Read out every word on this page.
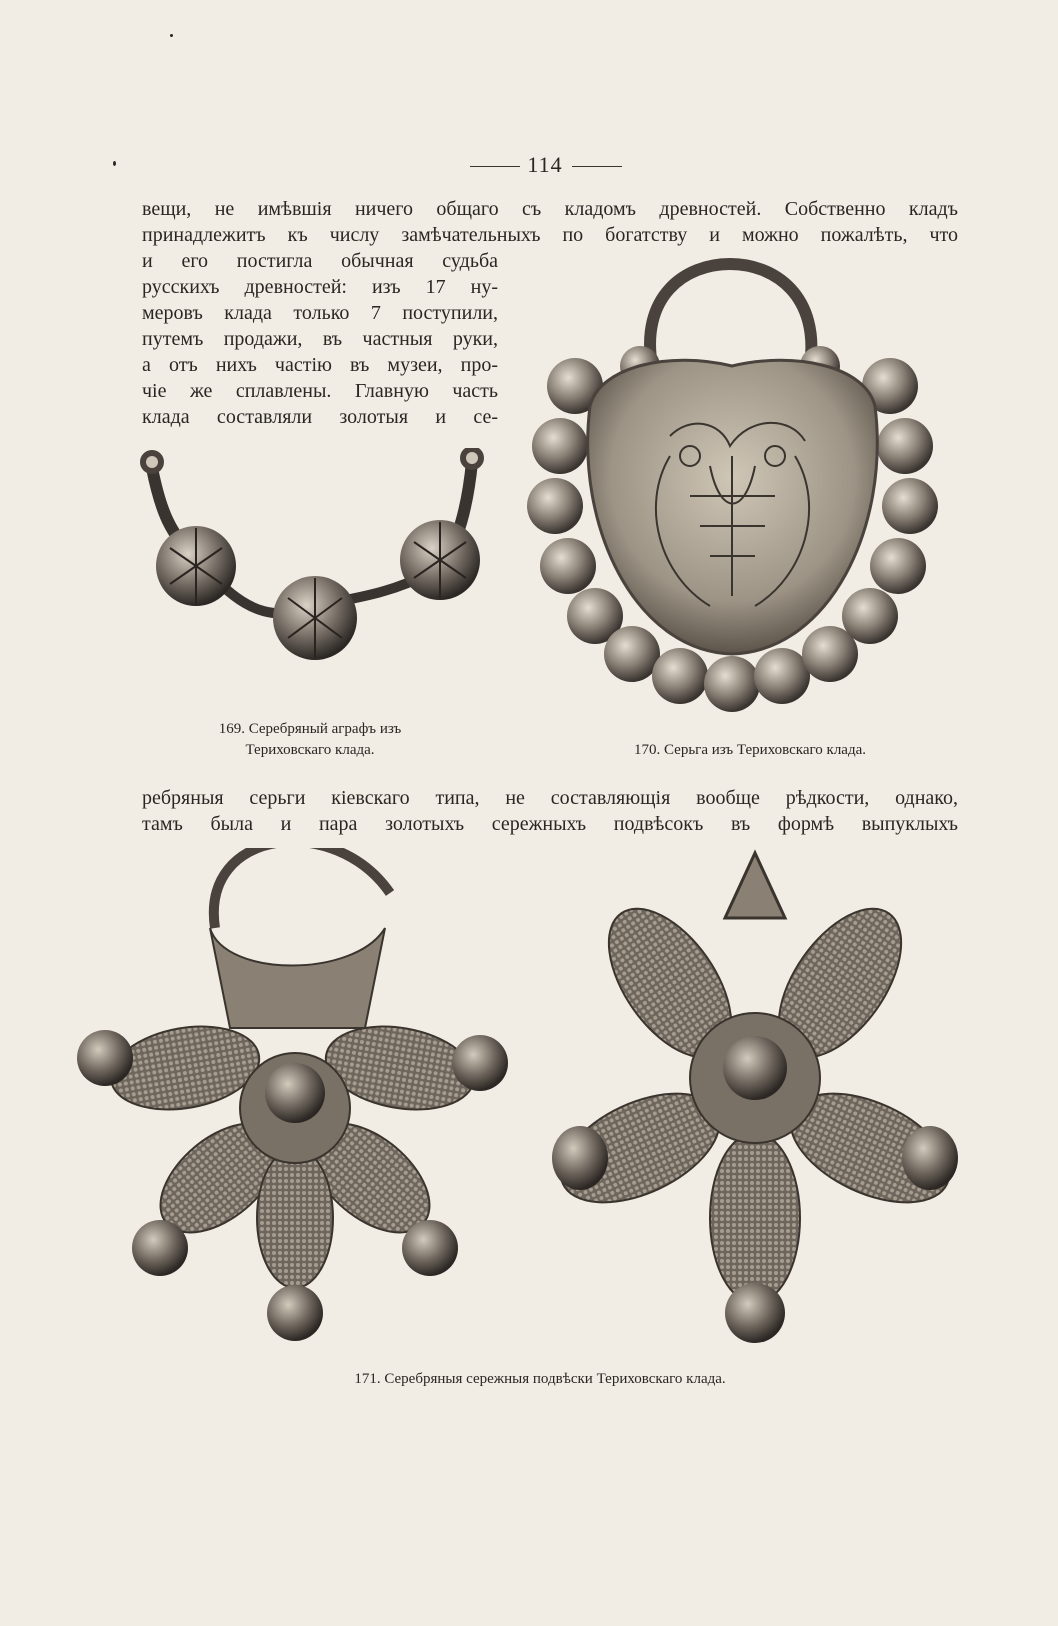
114
вещи, не имѣвшія ничего общаго съ кладомъ древностей. Собственно кладъ
принадлежитъ къ числу замѣчательныхъ по богатству и можно пожалѣть, что
и его постигла обычная судьба
русскихъ древностей: изъ 17 ну-
меровъ клада только 7 поступили,
путемъ продажи, въ частныя руки,
а отъ нихъ частію въ музеи, про-
чіе же сплавлены. Главную часть
клада составляли золотыя и се-
169. Серебряный аграфъ изъ
Териховскаго клада.	170. Серьга изъ Териховскаго клада.
ребряныя серьги кіевскаго типа, не составляющія вообще рѣдкости, однако,
тамъ была и пара золотыхъ сережныхъ подвѣсокъ въ формѣ выпуклыхъ
171. Серебряныя сережныя подвѣски Териховскаго клада.
